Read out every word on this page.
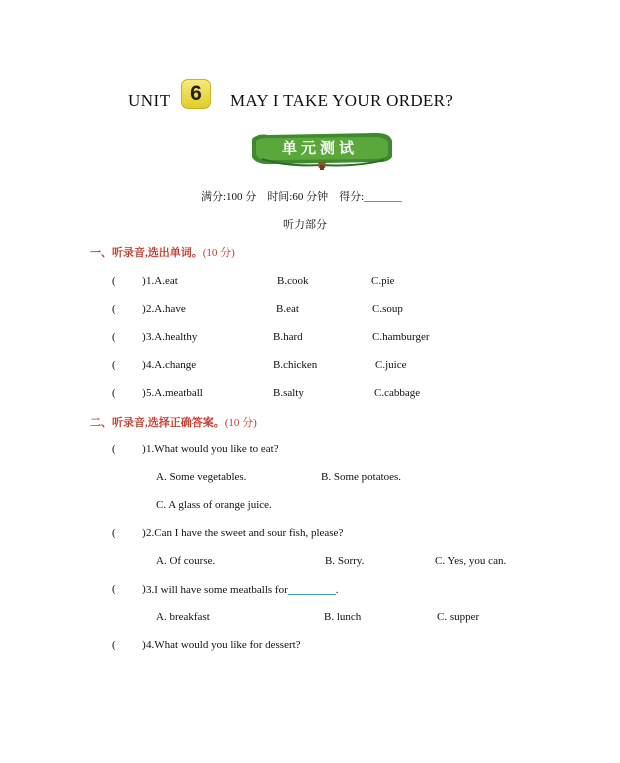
UNIT 6	MAY I TAKE YOUR ORDER?
单元测试
满分:100 分 时间:60 分钟 得分:
听力部分
一、听录音,选出单词。(10 分)
( ) 1.A.eat	B.cook	C.pie
( ) 2.A.have	B.eat	C.soup
( ) 3.A.healthy	B.hard	C.hamburger
( ) 4.A.change	B.chicken	C.juice
( ) 5.A.meatball	B.salty	C.cabbage
二、听录音,选择正确答案。(10 分)
( ) 1.What would you like to eat?
A. Some vegetables.	B. Some potatoes.
C. A glass of orange juice.
( ) 2.Can I have the sweet and sour fish, please?
A. Of course.	B. Sorry.	C. Yes, you can.
( ) 3.I will have some meatballs for	.
A. breakfast	B. lunch	C. supper
( ) 4.What would you like for dessert?
